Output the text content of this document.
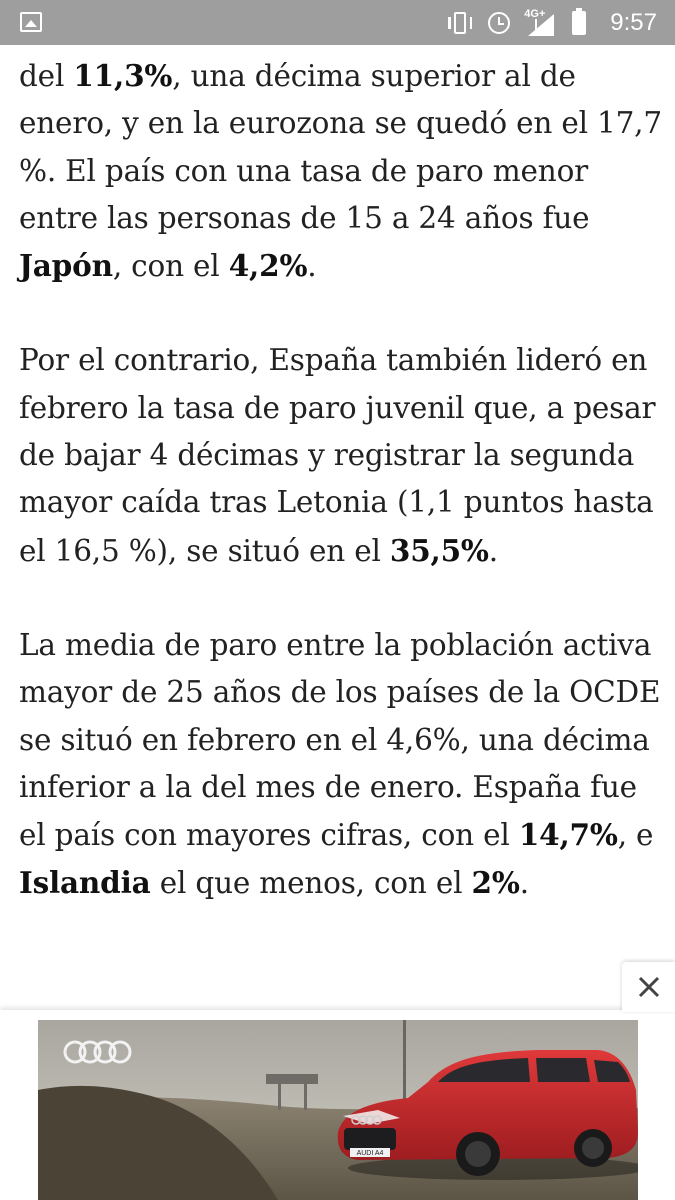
4G+	9:57

del 11,3%, una décima superior al de enero, y en la eurozona se quedó en el 17,7 %. El país con una tasa de paro menor entre las personas de 15 a 24 años fue Japón, con el 4,2%.

Por el contrario, España también lideró en febrero la tasa de paro juvenil que, a pesar de bajar 4 décimas y registrar la segunda mayor caída tras Letonia (1,1 puntos hasta el 16,5 %), se situó en el 35,5%.

La media de paro entre la población activa mayor de 25 años de los países de la OCDE se situó en febrero en el 4,6%, una décima inferior a la del mes de enero. España fue el país con mayores cifras, con el 14,7%, e Islandia el que menos, con el 2%.

AUDI A4
